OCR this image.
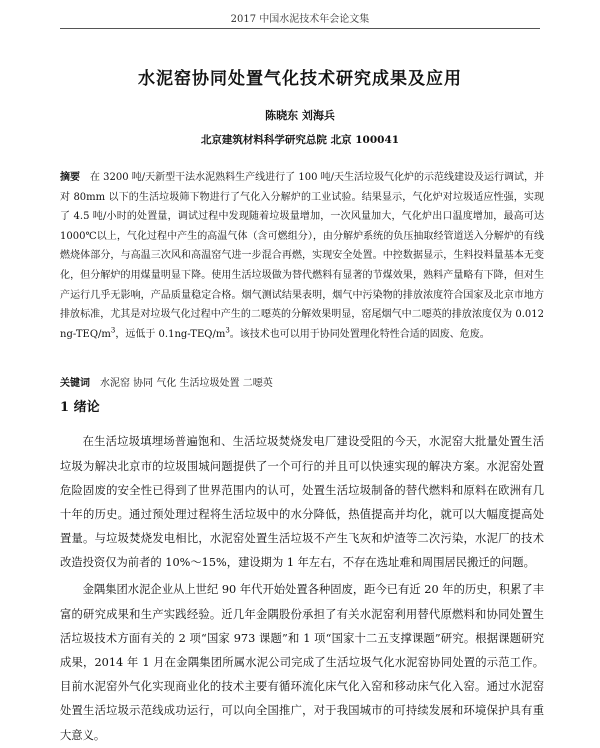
2017 中国水泥技术年会论文集
水泥窑协同处置气化技术研究成果及应用
陈晓东 刘海兵
北京建筑材料科学研究总院 北京 100041
摘要　 在 3200 吨/天新型干法水泥熟料生产线进行了 100 吨/天生活垃圾气化炉的示范线建设及运行调试，并对 80mm 以下的生活垃圾筛下物进行了气化入分解炉的工业试验。结果显示，气化炉对垃圾适应性强，实现了 4.5 吨/小时的处置量，调试过程中发现随着垃圾量增加，一次风量加大，气化炉出口温度增加，最高可达 1000℃以上，气化过程中产生的高温气体（含可燃组分），由分解炉系统的负压抽取经管道送入分解炉的有线燃烧体部分，与高温三次风和高温窑气进一步混合再燃，实现安全处置。中控数据显示，生料投料量基本无变化，但分解炉的用煤量明显下降。使用生活垃圾做为替代燃料有显著的节煤效果，熟料产量略有下降，但对生产运行几乎无影响，产品质量稳定合格。烟气测试结果表明，烟气中污染物的排放浓度符合国家及北京市地方排放标准，尤其是对垃圾气化过程中产生的二噁英的分解效果明显，窑尾烟气中二噁英的排放浓度仅为 0.012 $ng-TEQ/m^3$，远低于 $0.1ng-TEQ/m^3$。该技术也可以用于协同处置理化特性合适的固废、危废。
关键词　 水泥窑 协同 气化 生活垃圾处置 二噁英
1 绪论

在生活垃圾填埋场普遍饱和、生活垃圾焚烧发电厂建设受阻的今天，水泥窑大批量处置生活垃圾为解决北京市的垃圾围城问题提供了一个可行的并且可以快速实现的解决方案。水泥窑处置危险固废的安全性已得到了世界范围内的认可，处置生活垃圾制备的替代燃料和原料在欧洲有几十年的历史。通过预处理过程将生活垃圾中的水分降低，热值提高并均化，就可以大幅度提高处置量。与垃圾焚烧发电相比，水泥窑处置生活垃圾不产生飞灰和炉渣等二次污染，水泥厂的技术改造投资仅为前者的 10%～15%，建设期为 1 年左右，不存在选址难和周围居民搬迁的问题。

金隅集团水泥企业从上世纪 90 年代开始处置各种固废，距今已有近 20 年的历史，积累了丰富的研究成果和生产实践经验。近几年金隅股份承担了有关水泥窑利用替代原燃料和协同处置生活垃圾技术方面有关的 2 项“国家 973 课题”和 1 项“国家十二五支撑课题”研究。根据课题研究成果，2014 年 1 月在金隅集团所属水泥公司完成了生活垃圾气化水泥窑协同处置的示范工作。目前水泥窑外气化实现商业化的技术主要有循环流化床气化入窑和移动床气化入窑。通过水泥窑处置生活垃圾示范线成功运行，可以向全国推广，对于我国城市的可持续发展和环境保护具有重大意义。
